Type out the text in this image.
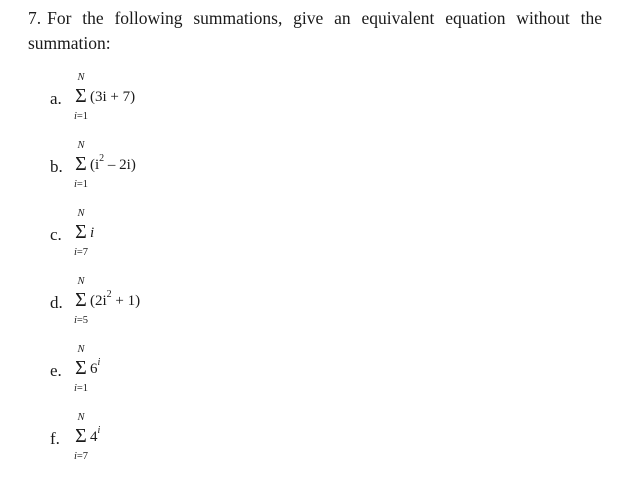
7. For the following summations, give an equivalent equation without the summation:
a.
N
Σ
i=1
(3i + 7)
b.
N
Σ
i=1
$(i^2 - 2i)$
c.
N
Σ
i=7
i
d.
N
Σ
i=5
$(2i^2 + 1)$
e.
N
Σ
i=1
6$^i$
f.
N
Σ
i=7
4$^i$
